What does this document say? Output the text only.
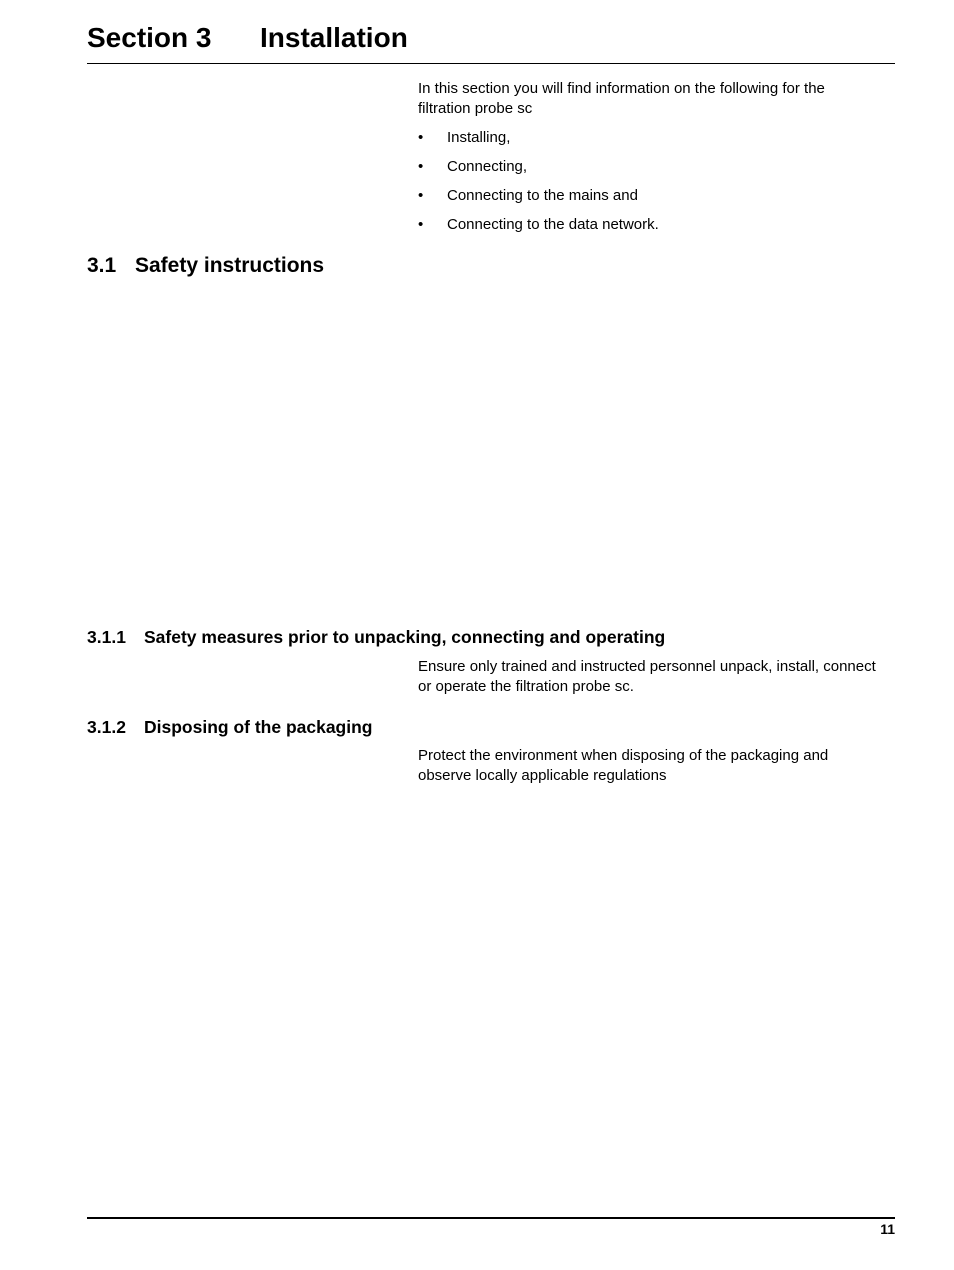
Section 3 Installation

In this section you will find information on the following for the filtration probe sc

• Installing,
• Connecting,
• Connecting to the mains and
• Connecting to the data network.
3.1 Safety instructions
3.1.1 Safety measures prior to unpacking, connecting and operating

Ensure only trained and instructed personnel unpack, install, connect or operate the filtration probe sc.

3.1.2 Disposing of the packaging

Protect the environment when disposing of the packaging and observe locally applicable regulations

11
